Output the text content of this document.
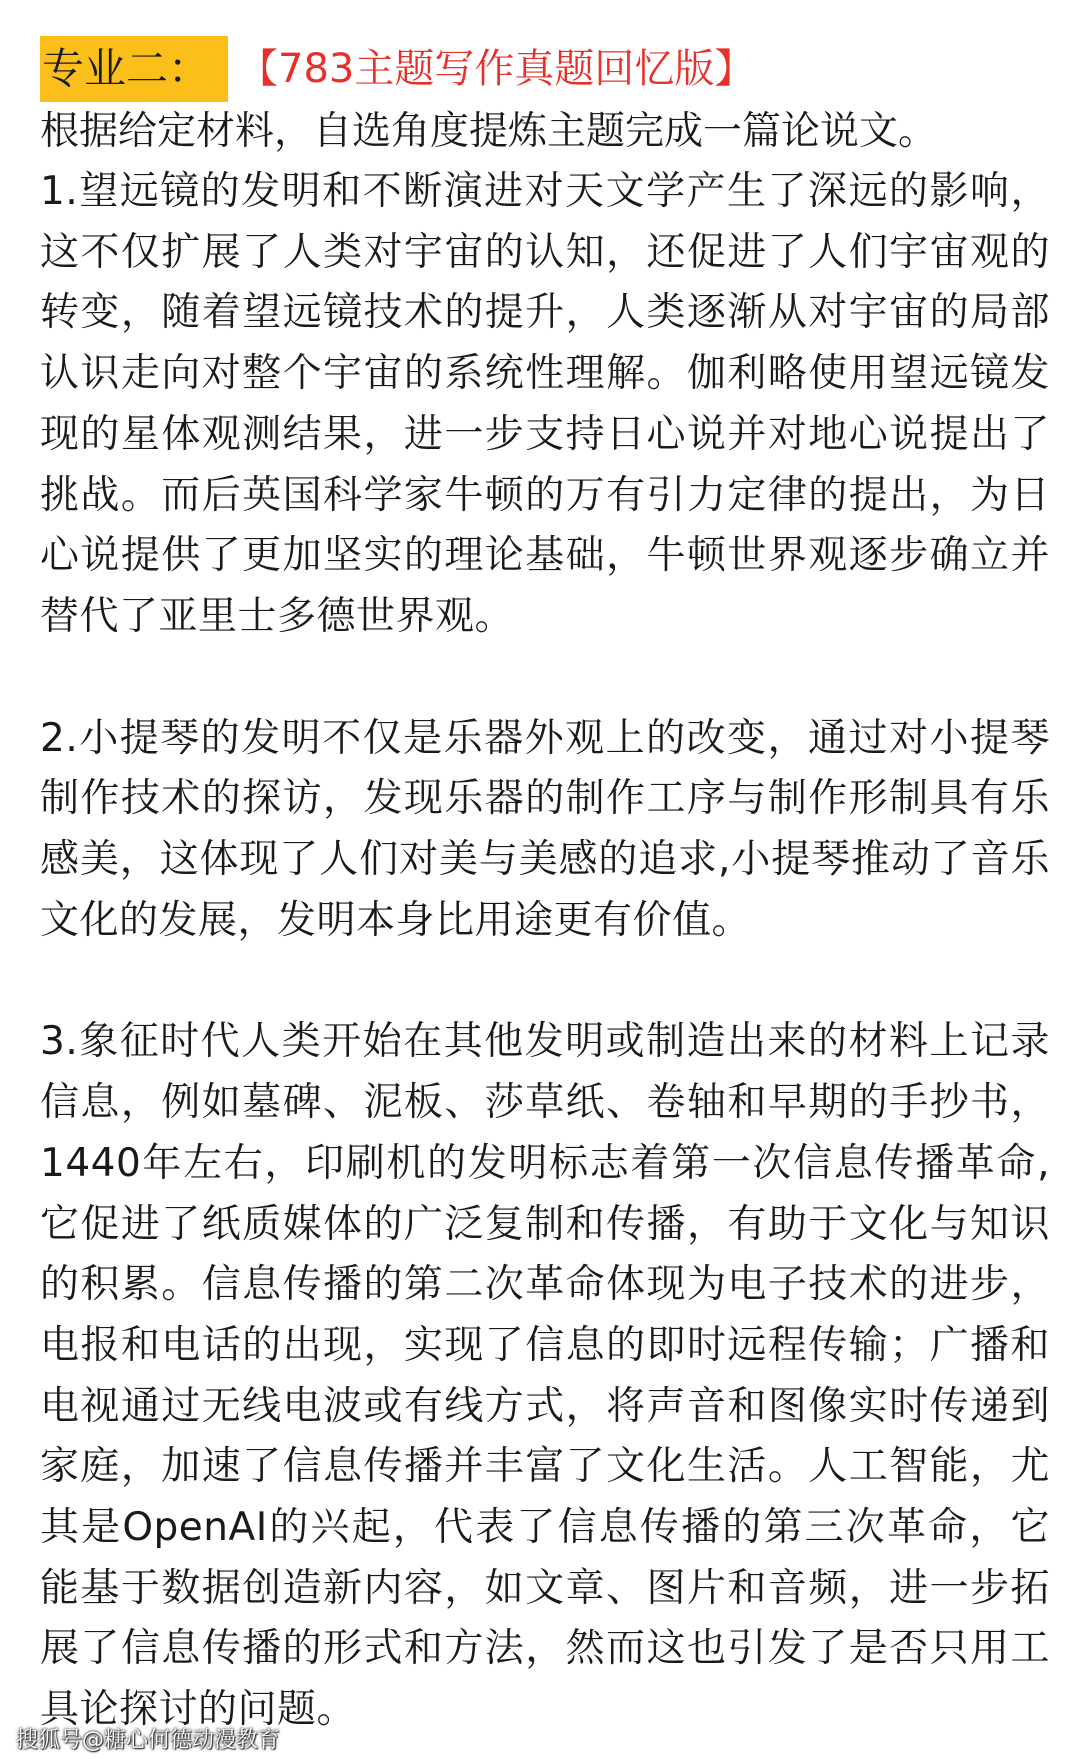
专业二： 【783主题写作真题回忆版】

根据给定材料，自选角度提炼主题完成一篇论说文。

1.望远镜的发明和不断演进对天文学产生了深远的影响，这不仅扩展了人类对宇宙的认知，还促进了人们宇宙观的转变，随着望远镜技术的提升，人类逐渐从对宇宙的局部认识走向对整个宇宙的系统性理解。伽利略使用望远镜发现的星体观测结果，进一步支持日心说并对地心说提出了挑战。而后英国科学家牛顿的万有引力定律的提出，为日心说提供了更加坚实的理论基础，牛顿世界观逐步确立并替代了亚里士多德世界观。

2.小提琴的发明不仅是乐器外观上的改变，通过对小提琴制作技术的探访，发现乐器的制作工序与制作形制具有乐感美，这体现了人们对美与美感的追求,小提琴推动了音乐文化的发展，发明本身比用途更有价值。

3.象征时代人类开始在其他发明或制造出来的材料上记录信息，例如墓碑、泥板、莎草纸、卷轴和早期的手抄书，1440年左右，印刷机的发明标志着第一次信息传播革命,它促进了纸质媒体的广泛复制和传播，有助于文化与知识的积累。信息传播的第二次革命体现为电子技术的进步，电报和电话的出现，实现了信息的即时远程传输；广播和电视通过无线电波或有线方式，将声音和图像实时传递到家庭，加速了信息传播并丰富了文化生活。人工智能，尤其是OpenAI的兴起，代表了信息传播的第三次革命，它能基于数据创造新内容，如文章、图片和音频，进一步拓展了信息传播的形式和方法，然而这也引发了是否只用工具论探讨的问题。

搜狐号@糖心何德动漫教育
